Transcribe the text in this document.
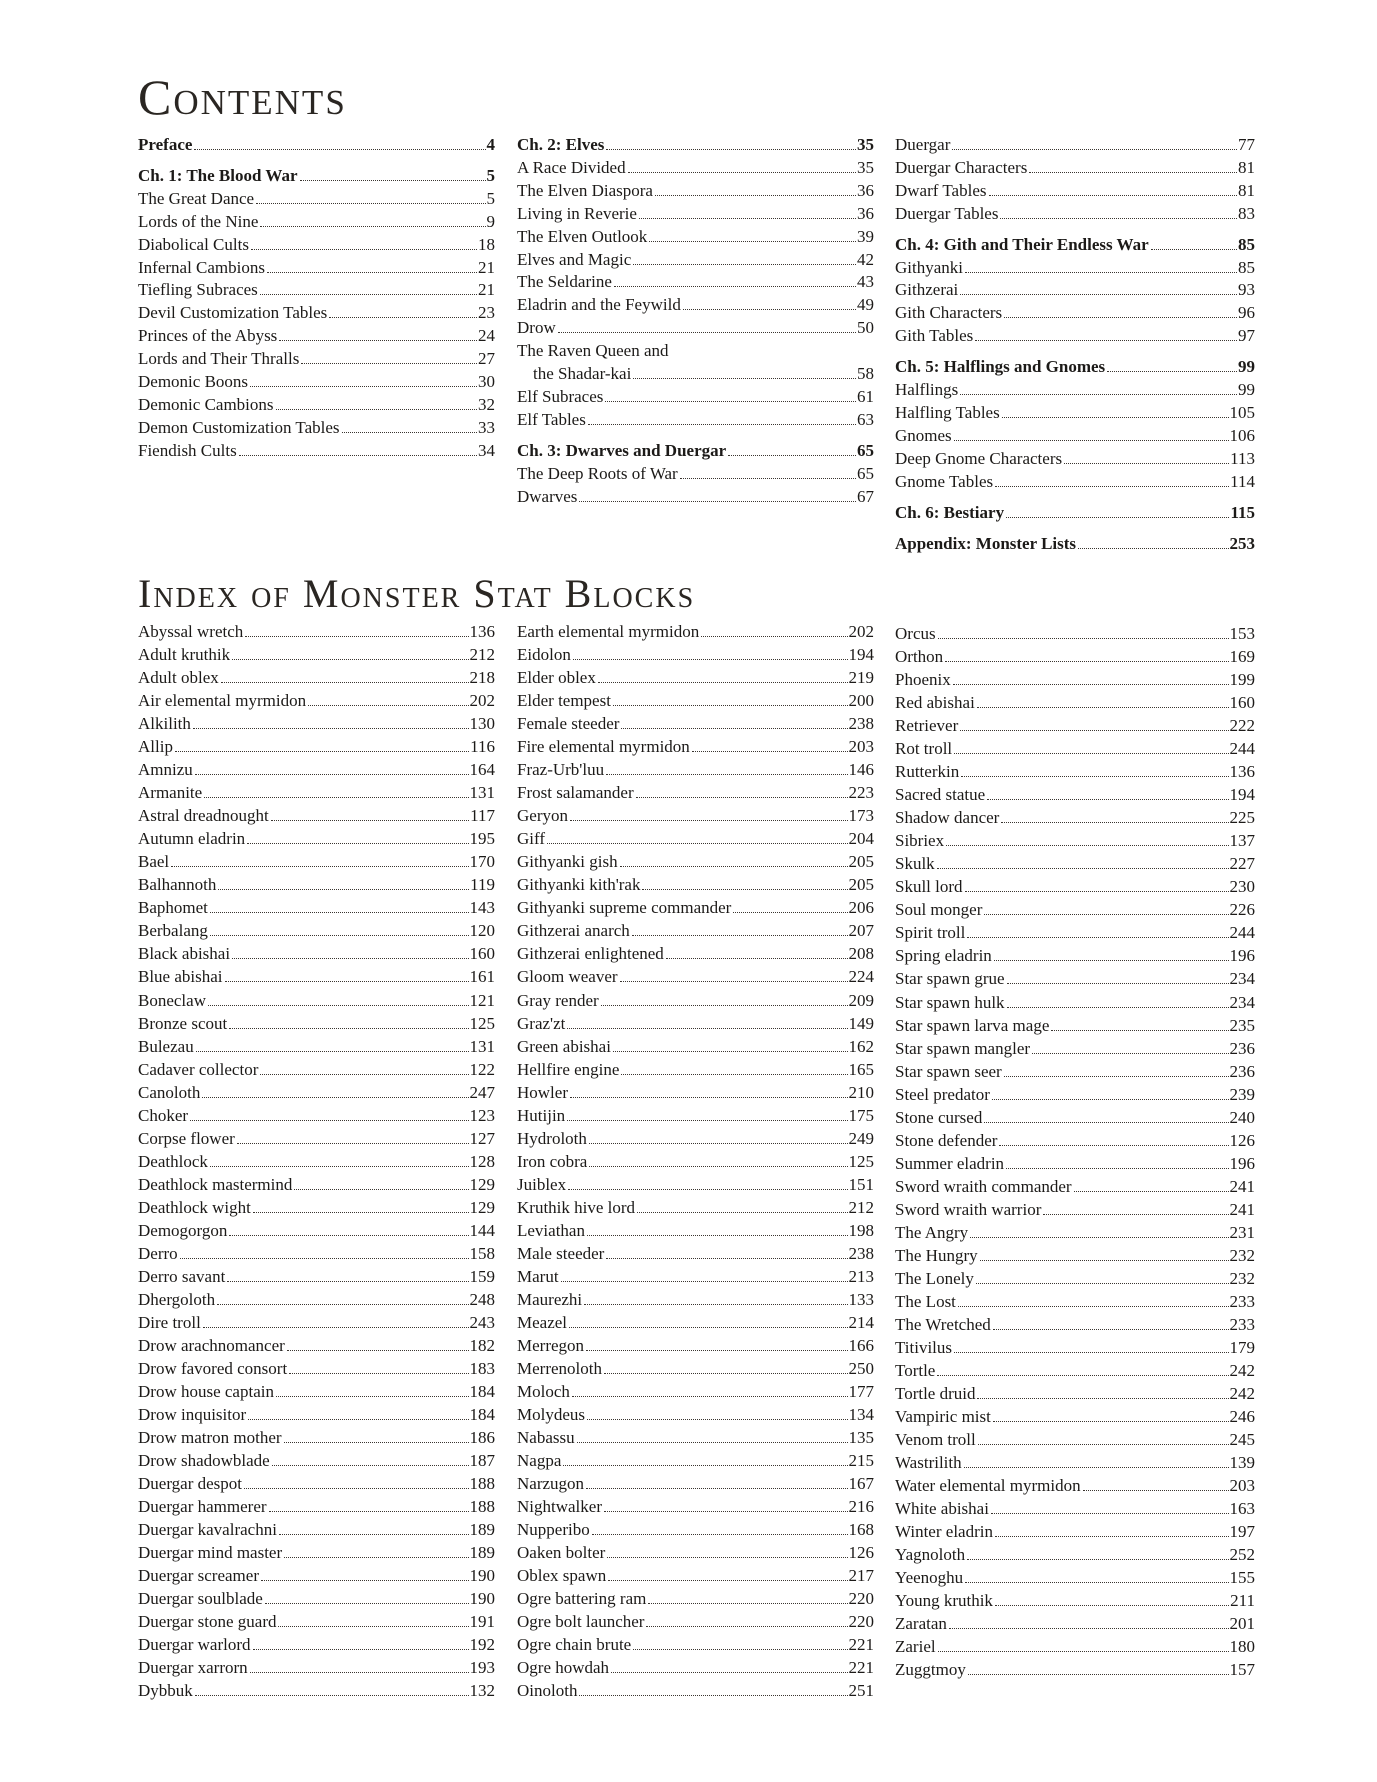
Contents
Preface	4
Ch. 1: The Blood War	5
The Great Dance	5
Lords of the Nine	9
Diabolical Cults	18
Infernal Cambions	21
Tiefling Subraces	21
Devil Customization Tables	23
Princes of the Abyss	24
Lords and Their Thralls	27
Demonic Boons	30
Demonic Cambions	32
Demon Customization Tables	33
Fiendish Cults	34
Ch. 2: Elves	35
A Race Divided	35
The Elven Diaspora	36
Living in Reverie	36
The Elven Outlook	39
Elves and Magic	42
The Seldarine	43
Eladrin and the Feywild	49
Drow	50
The Raven Queen and
the Shadar-kai	58
Elf Subraces	61
Elf Tables	63
Ch. 3: Dwarves and Duergar	65
The Deep Roots of War	65
Dwarves	67
Duergar	77
Duergar Characters	81
Dwarf Tables	81
Duergar Tables	83
Ch. 4: Gith and Their Endless War	85
Githyanki	85
Githzerai	93
Gith Characters	96
Gith Tables	97
Ch. 5: Halflings and Gnomes	99
Halflings	99
Halfling Tables	105
Gnomes	106
Deep Gnome Characters	113
Gnome Tables	114
Ch. 6: Bestiary	115
Appendix: Monster Lists	253
Index of Monster Stat Blocks
Abyssal wretch	136
Adult kruthik	212
Adult oblex	218
Air elemental myrmidon	202
Alkilith	130
Allip	116
Amnizu	164
Armanite	131
Astral dreadnought	117
Autumn eladrin	195
Bael	170
Balhannoth	119
Baphomet	143
Berbalang	120
Black abishai	160
Blue abishai	161
Boneclaw	121
Bronze scout	125
Bulezau	131
Cadaver collector	122
Canoloth	247
Choker	123
Corpse flower	127
Deathlock	128
Deathlock mastermind	129
Deathlock wight	129
Demogorgon	144
Derro	158
Derro savant	159
Dhergoloth	248
Dire troll	243
Drow arachnomancer	182
Drow favored consort	183
Drow house captain	184
Drow inquisitor	184
Drow matron mother	186
Drow shadowblade	187
Duergar despot	188
Duergar hammerer	188
Duergar kavalrachni	189
Duergar mind master	189
Duergar screamer	190
Duergar soulblade	190
Duergar stone guard	191
Duergar warlord	192
Duergar xarrorn	193
Dybbuk	132
Earth elemental myrmidon	202
Eidolon	194
Elder oblex	219
Elder tempest	200
Female steeder	238
Fire elemental myrmidon	203
Fraz-Urb'luu	146
Frost salamander	223
Geryon	173
Giff	204
Githyanki gish	205
Githyanki kith'rak	205
Githyanki supreme commander	206
Githzerai anarch	207
Githzerai enlightened	208
Gloom weaver	224
Gray render	209
Graz'zt	149
Green abishai	162
Hellfire engine	165
Howler	210
Hutijin	175
Hydroloth	249
Iron cobra	125
Juiblex	151
Kruthik hive lord	212
Leviathan	198
Male steeder	238
Marut	213
Maurezhi	133
Meazel	214
Merregon	166
Merrenoloth	250
Moloch	177
Molydeus	134
Nabassu	135
Nagpa	215
Narzugon	167
Nightwalker	216
Nupperibo	168
Oaken bolter	126
Oblex spawn	217
Ogre battering ram	220
Ogre bolt launcher	220
Ogre chain brute	221
Ogre howdah	221
Oinoloth	251
Orcus	153
Orthon	169
Phoenix	199
Red abishai	160
Retriever	222
Rot troll	244
Rutterkin	136
Sacred statue	194
Shadow dancer	225
Sibriex	137
Skulk	227
Skull lord	230
Soul monger	226
Spirit troll	244
Spring eladrin	196
Star spawn grue	234
Star spawn hulk	234
Star spawn larva mage	235
Star spawn mangler	236
Star spawn seer	236
Steel predator	239
Stone cursed	240
Stone defender	126
Summer eladrin	196
Sword wraith commander	241
Sword wraith warrior	241
The Angry	231
The Hungry	232
The Lonely	232
The Lost	233
The Wretched	233
Titivilus	179
Tortle	242
Tortle druid	242
Vampiric mist	246
Venom troll	245
Wastrilith	139
Water elemental myrmidon	203
White abishai	163
Winter eladrin	197
Yagnoloth	252
Yeenoghu	155
Young kruthik	211
Zaratan	201
Zariel	180
Zuggtmoy	157
